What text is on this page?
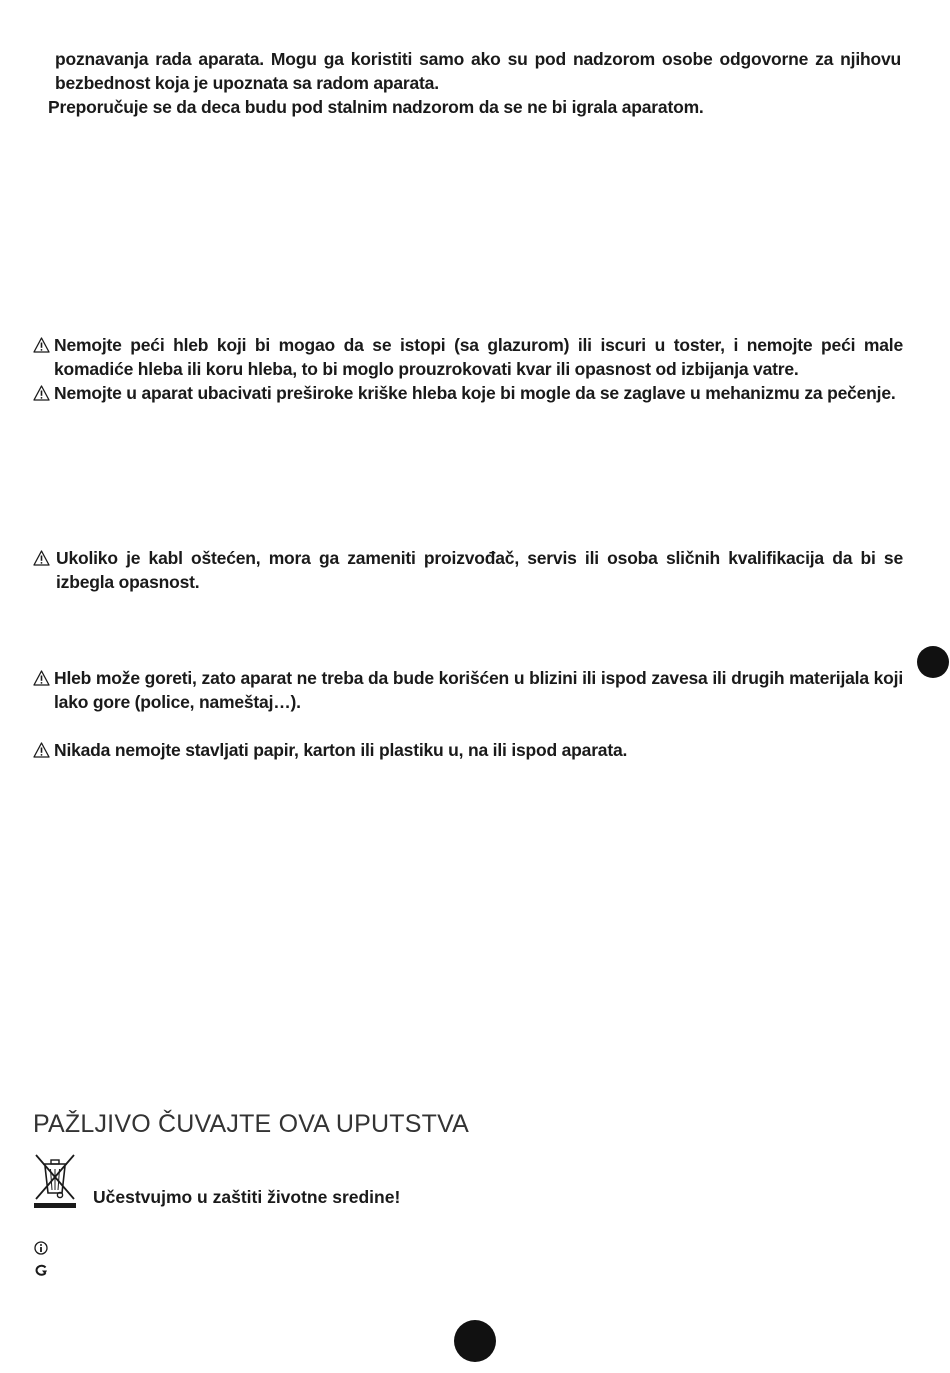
poznavanja rada aparata. Mogu ga koristiti samo ako su pod nadzorom osobe odgovorne za njihovu bezbednost koja je upoznata sa radom aparata.
Preporučuje se da deca budu pod stalnim nadzorom da se ne bi igrala aparatom.
Nemojte peći hleb koji bi mogao da se istopi (sa glazurom) ili iscuri u toster, i nemojte peći male komadiće hleba ili koru hleba, to bi moglo prouzrokovati kvar ili opasnost od izbijanja vatre.
Nemojte u aparat ubacivati preširoke kriške hleba koje bi mogle da se zaglave u mehanizmu za pečenje.
Ukoliko je kabl oštećen, mora ga zameniti proizvođač, servis ili osoba sličnih kvalifikacija da bi se izbegla opasnost.
Hleb može goreti, zato aparat ne treba da bude korišćen u blizini ili ispod zavesa ili drugih materijala koji lako gore (police, nameštaj…).
Nikada nemojte stavljati papir, karton ili plastiku u, na ili ispod aparata.
PAŽLJIVO ČUVAJTE OVA UPUTSTVA
Učestvujmo u zaštiti životne sredine!
